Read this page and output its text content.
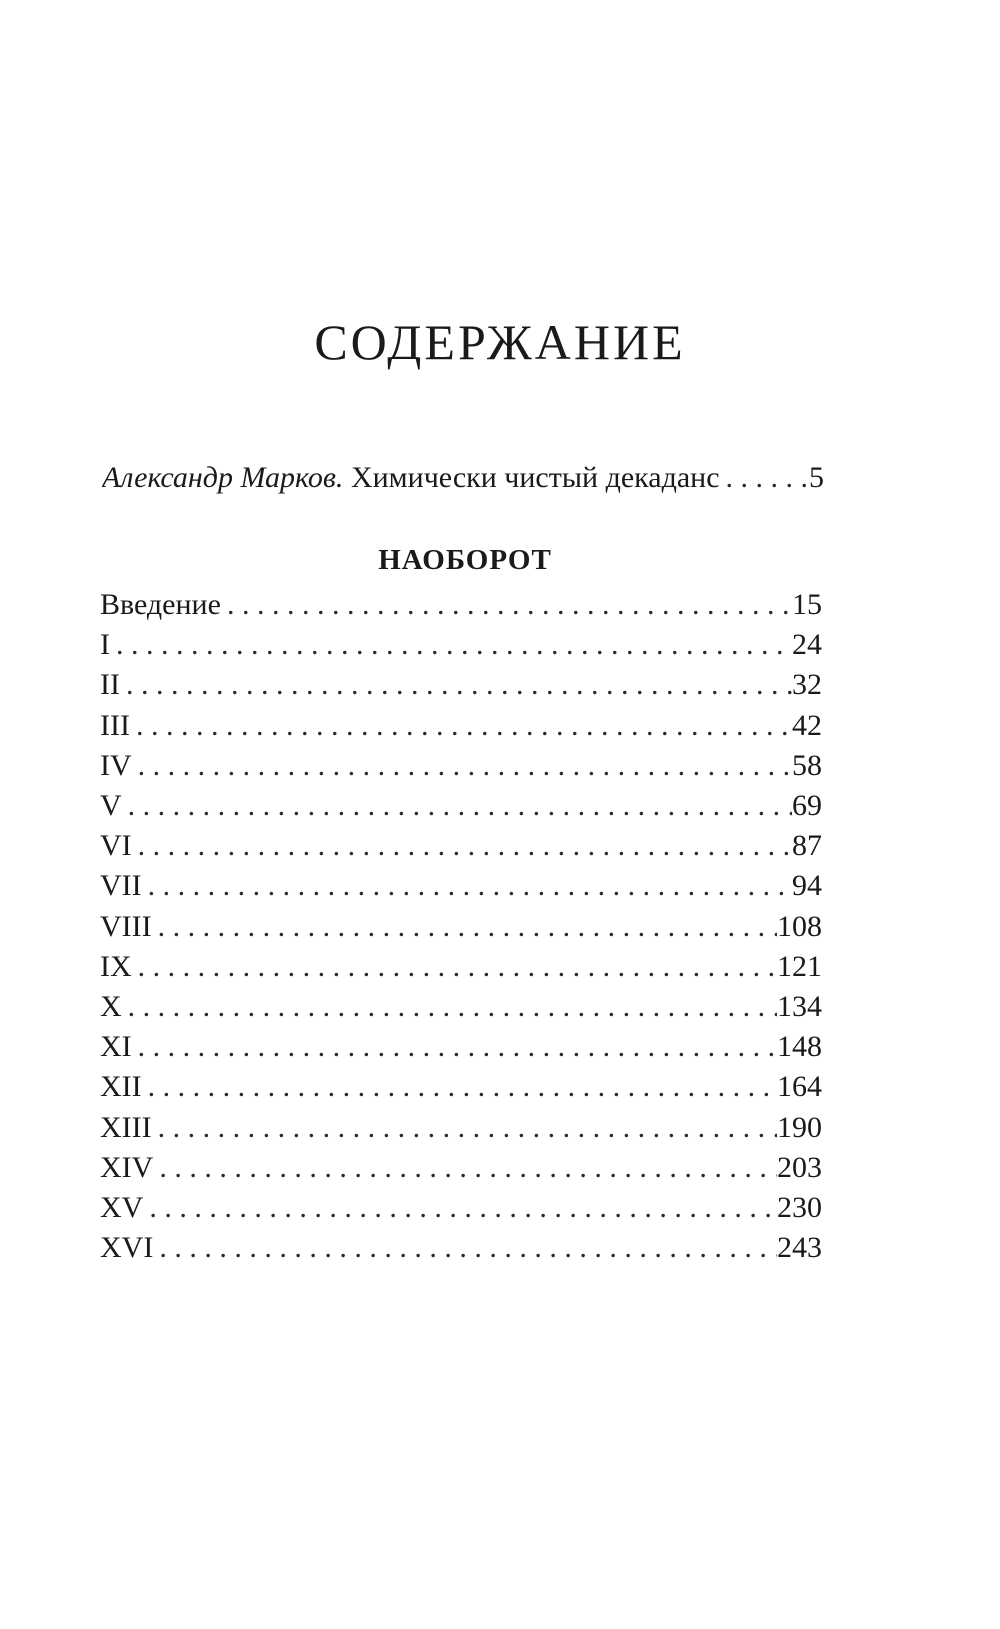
СОДЕРЖАНИЕ
Александр Марков. Химически чистый декаданс . . .	5
НАОБОРОТ
Введение . . .	15
I . . .	24
II . . .	32
III . . .	42
IV . . .	58
V . . .	69
VI . . .	87
VII . . .	94
VIII . . .	108
IX . . .	121
X . . .	134
XI . . .	148
XII . . .	164
XIII . . .	190
XIV . . .	203
XV . . .	230
XVI . . .	243
